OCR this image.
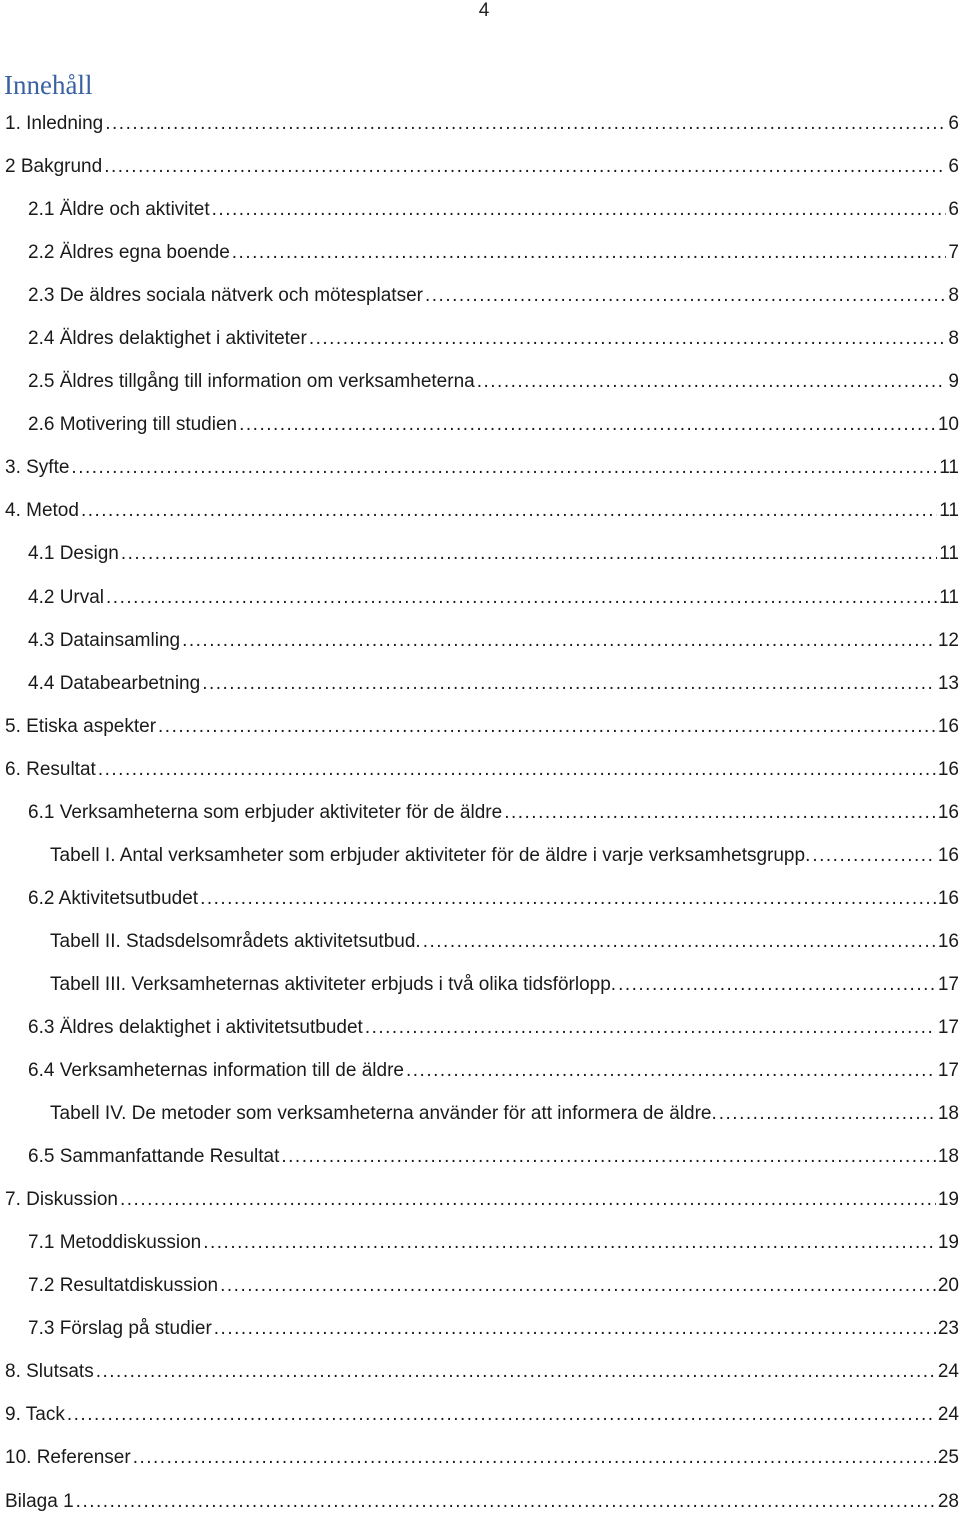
4
Innehåll
1. Inledning .....	6
2 Bakgrund .....	6
2.1 Äldre och aktivitet .....	6
2.2 Äldres egna boende .....	7
2.3 De äldres sociala nätverk och mötesplatser .....	8
2.4 Äldres delaktighet i aktiviteter .....	8
2.5 Äldres tillgång till information om verksamheterna .....	9
2.6 Motivering till studien .....	10
3. Syfte .....	11
4. Metod .....	11
4.1 Design .....	11
4.2 Urval .....	11
4.3 Datainsamling .....	12
4.4 Databearbetning .....	13
5. Etiska aspekter .....	16
6. Resultat .....	16
6.1 Verksamheterna som erbjuder aktiviteter för de äldre .....	16
Tabell I. Antal verksamheter som erbjuder aktiviteter för de äldre i varje verksamhetsgrupp. .....	16
6.2 Aktivitetsutbudet .....	16
Tabell II. Stadsdelsområdets aktivitetsutbud. .....	16
Tabell III. Verksamheternas aktiviteter erbjuds i två olika tidsförlopp. .....	17
6.3 Äldres delaktighet i aktivitetsutbudet .....	17
6.4 Verksamheternas information till de äldre .....	17
Tabell IV. De metoder som verksamheterna använder för att informera de äldre. .....	18
6.5 Sammanfattande Resultat .....	18
7. Diskussion .....	19
7.1 Metoddiskussion .....	19
7.2 Resultatdiskussion .....	20
7.3 Förslag på studier .....	23
8. Slutsats .....	24
9. Tack .....	24
10. Referenser .....	25
Bilaga 1 .....	28
